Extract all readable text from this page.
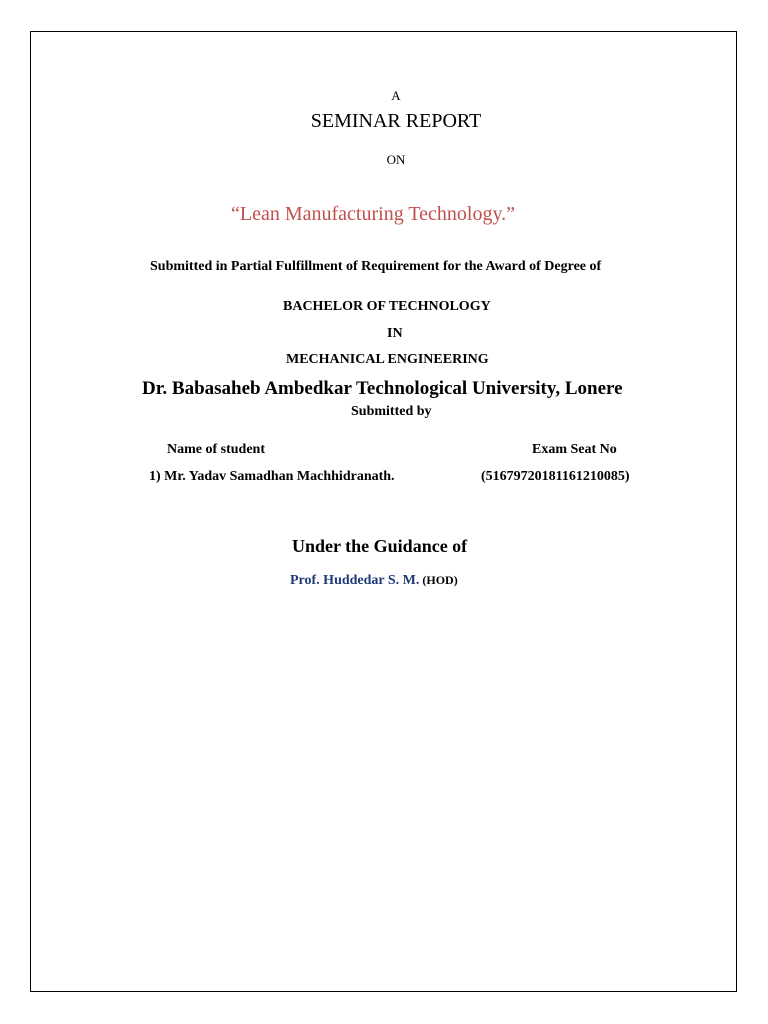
A
SEMINAR REPORT
ON
“Lean Manufacturing Technology.”
Submitted in Partial Fulfillment of Requirement for the Award of Degree of
BACHELOR OF TECHNOLOGY
IN
MECHANICAL ENGINEERING
Dr. Babasaheb Ambedkar Technological University, Lonere
Submitted by
Name of student	Exam Seat No
1) Mr. Yadav Samadhan Machhidranath.	(51679720181161210085)
Under the Guidance of
Prof. Huddedar S. M. (HOD)
